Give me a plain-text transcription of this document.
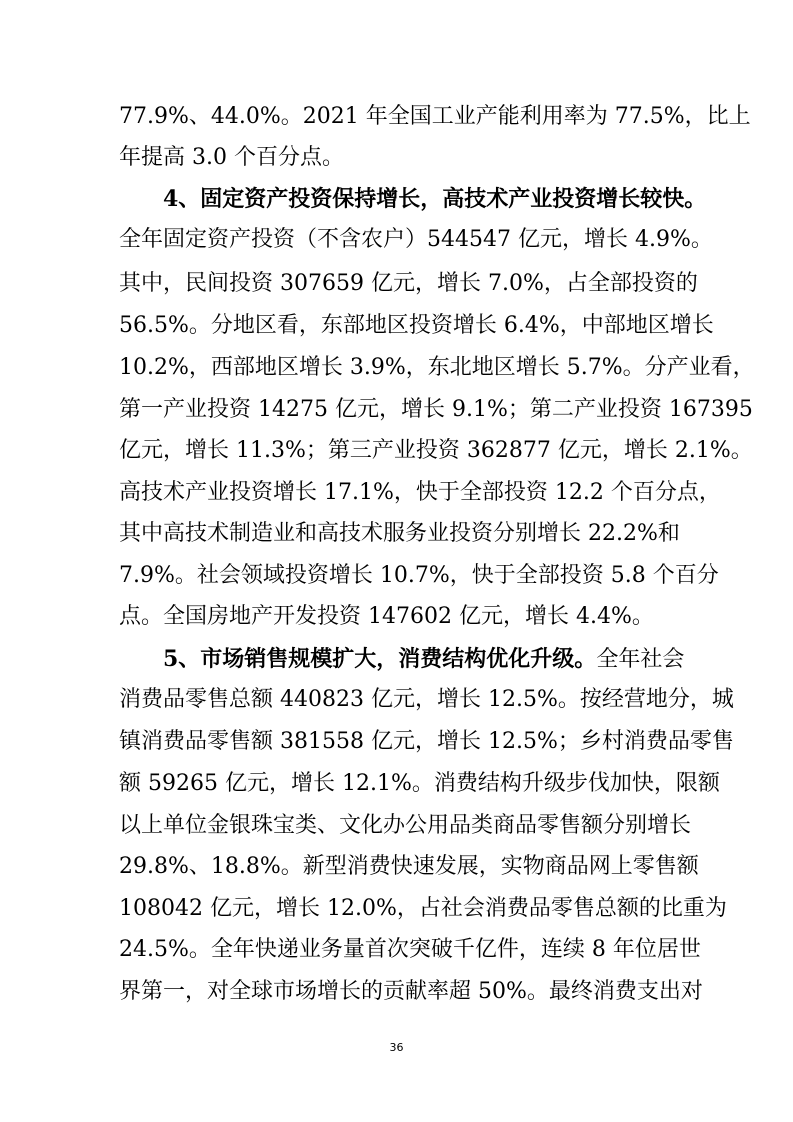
77.9%、44.0%。2021 年全国工业产能利用率为 77.5%，比上
年提高 3.0 个百分点。
4、固定资产投资保持增长，高技术产业投资增长较快。
全年固定资产投资（不含农户）544547 亿元，增长 4.9%。
其中，民间投资 307659 亿元，增长 7.0%，占全部投资的
56.5%。分地区看，东部地区投资增长 6.4%，中部地区增长
10.2%，西部地区增长 3.9%，东北地区增长 5.7%。分产业看，
第一产业投资 14275 亿元，增长 9.1%；第二产业投资 167395
亿元，增长 11.3%；第三产业投资 362877 亿元，增长 2.1%。
高技术产业投资增长 17.1%，快于全部投资 12.2 个百分点，
其中高技术制造业和高技术服务业投资分别增长 22.2%和
7.9%。社会领域投资增长 10.7%，快于全部投资 5.8 个百分
点。全国房地产开发投资 147602 亿元，增长 4.4%。
5、市场销售规模扩大，消费结构优化升级。全年社会
消费品零售总额 440823 亿元，增长 12.5%。按经营地分，城
镇消费品零售额 381558 亿元，增长 12.5%；乡村消费品零售
额 59265 亿元，增长 12.1%。消费结构升级步伐加快，限额
以上单位金银珠宝类、文化办公用品类商品零售额分别增长
29.8%、18.8%。新型消费快速发展，实物商品网上零售额
108042 亿元，增长 12.0%，占社会消费品零售总额的比重为
24.5%。全年快递业务量首次突破千亿件，连续 8 年位居世
界第一，对全球市场增长的贡献率超 50%。最终消费支出对
36
